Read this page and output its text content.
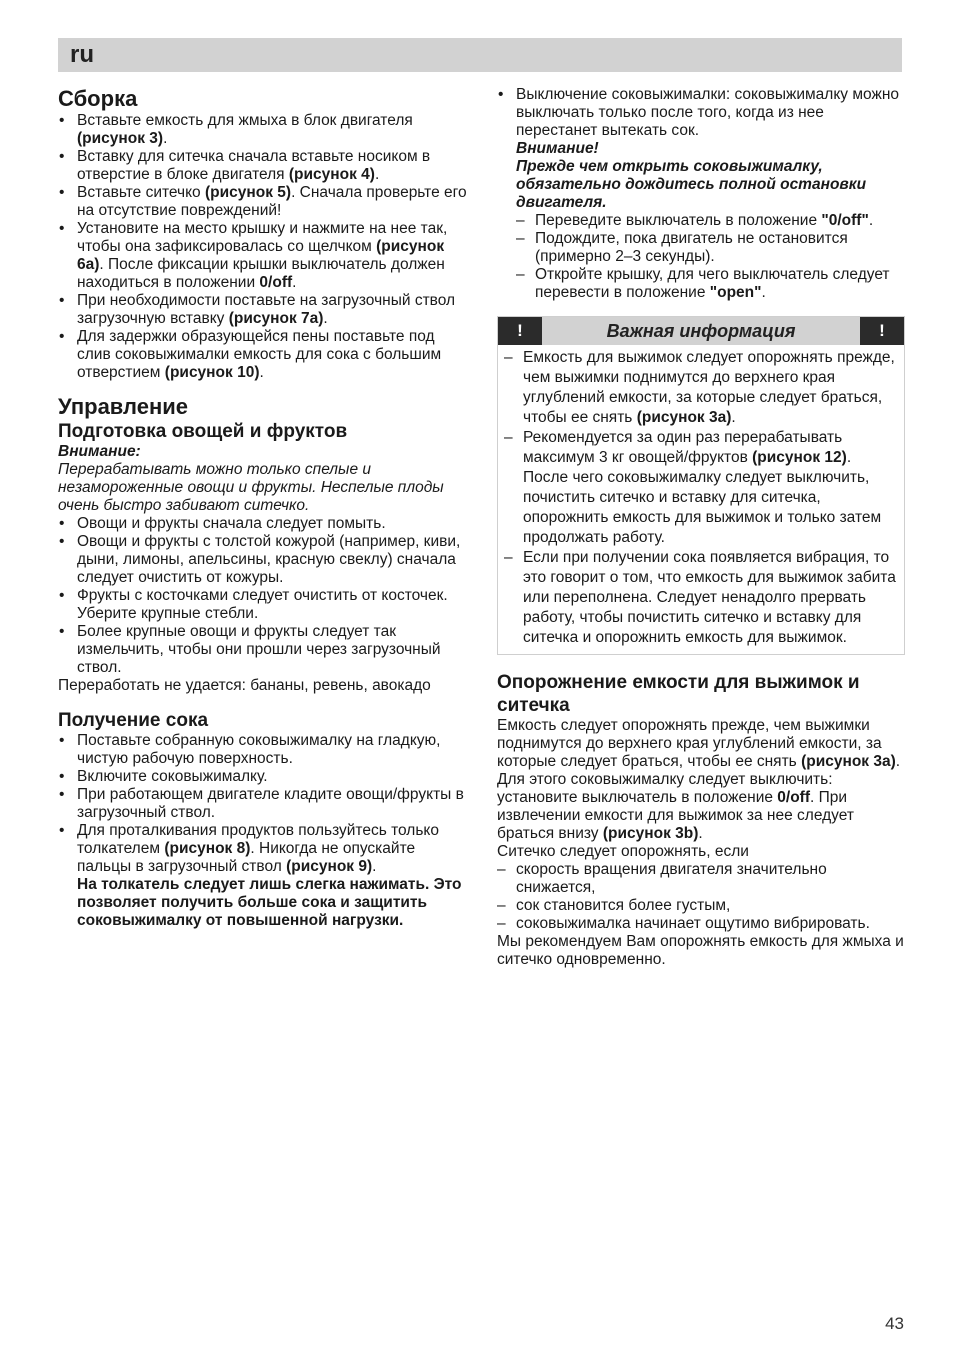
ru
Сборка
• Вставьте емкость для жмыха в блок двигателя (рисунок 3).
• Вставку для ситечка сначала вставьте носиком в отверстие в блоке двигателя (рисунок 4).
• Вставьте ситечко (рисунок 5). Сначала проверьте его на отсутствие повреждений!
• Установите на место крышку и нажмите на нее так, чтобы она зафиксировалась со щелчком (рисунок 6а). После фиксации крышки выключатель должен находиться в положении 0/off.
• При необходимости поставьте на загрузочный ствол загрузочную вставку (рисунок 7а).
• Для задержки образующейся пены поставьте под слив соковыжималки емкость для сока с большим отверстием (рисунок 10).
Управление
Подготовка овощей и фруктов

Внимание:

Перерабатывать можно только спелые и незамороженные овощи и фрукты. Неспелые плоды очень быстро забивают ситечко.

• Овощи и фрукты сначала следует помыть.
• Овощи и фрукты с толстой кожурой (например, киви, дыни, лимоны, апельсины, красную свеклу) сначала следует очистить от кожуры.
• Фрукты с косточками следует очистить от косточек. Уберите крупные стебли.
• Более крупные овощи и фрукты следует так измельчить, чтобы они прошли через загрузочный ствол.

Переработать не удается: бананы, ревень, авокадо

Получение сока
• Поставьте собранную соковыжималку на гладкую, чистую рабочую поверхность.
• Включите соковыжималку.
• При работающем двигателе кладите овощи/фрукты в загрузочный ствол.
• Для проталкивания продуктов пользуйтесь только толкателем (рисунок 8). Никогда не опускайте пальцы в загрузочный ствол (рисунок 9).
На толкатель следует лишь слегка нажимать. Это позволяет получить больше сока и защитить соковыжималку от повышенной нагрузки.
• Выключение соковыжималки: соковыжималку можно выключать только после того, когда из нее перестанет вытекать сок.
Внимание!
Прежде чем открыть соковыжималку, обязательно дождитесь полной остановки двигателя.
– Переведите выключатель в положение "0/off".
– Подождите, пока двигатель не остановится (примерно 2–3 секунды).
– Откройте крышку, для чего выключатель следует перевести в положение "open".
!	Важная информация	!
– Емкость для выжимок следует опорожнять прежде, чем выжимки поднимутся до верхнего края углублений емкости, за которые следует браться, чтобы ее снять (рисунок 3а).
– Рекомендуется за один раз перерабатывать максимум 3 кг овощей/фруктов (рисунок 12). После чего соковыжималку следует выключить, почистить ситечко и вставку для ситечка, опорожнить емкость для выжимок и только затем продолжать работу.
– Если при получении сока появляется вибрация, то это говорит о том, что емкость для выжимок забита или переполнена. Следует ненадолго прервать работу, чтобы почистить ситечко и вставку для ситечка и опорожнить емкость для выжимок.
Опорожнение емкости для выжимок и ситечка

Емкость следует опорожнять прежде, чем выжимки поднимутся до верхнего края углублений емкости, за которые следует браться, чтобы ее снять (рисунок 3а). Для этого соковыжималку следует выключить: установите выключатель в положение 0/off. При извлечении емкости для выжимок за нее следует браться внизу (рисунок 3b).

Ситечко следует опорожнять, если

– скорость вращения двигателя значительно снижается,
– сок становится более густым,
– соковыжималка начинает ощутимо вибрировать.

Мы рекомендуем Вам опорожнять емкость для жмыха и ситечко одновременно.

43
